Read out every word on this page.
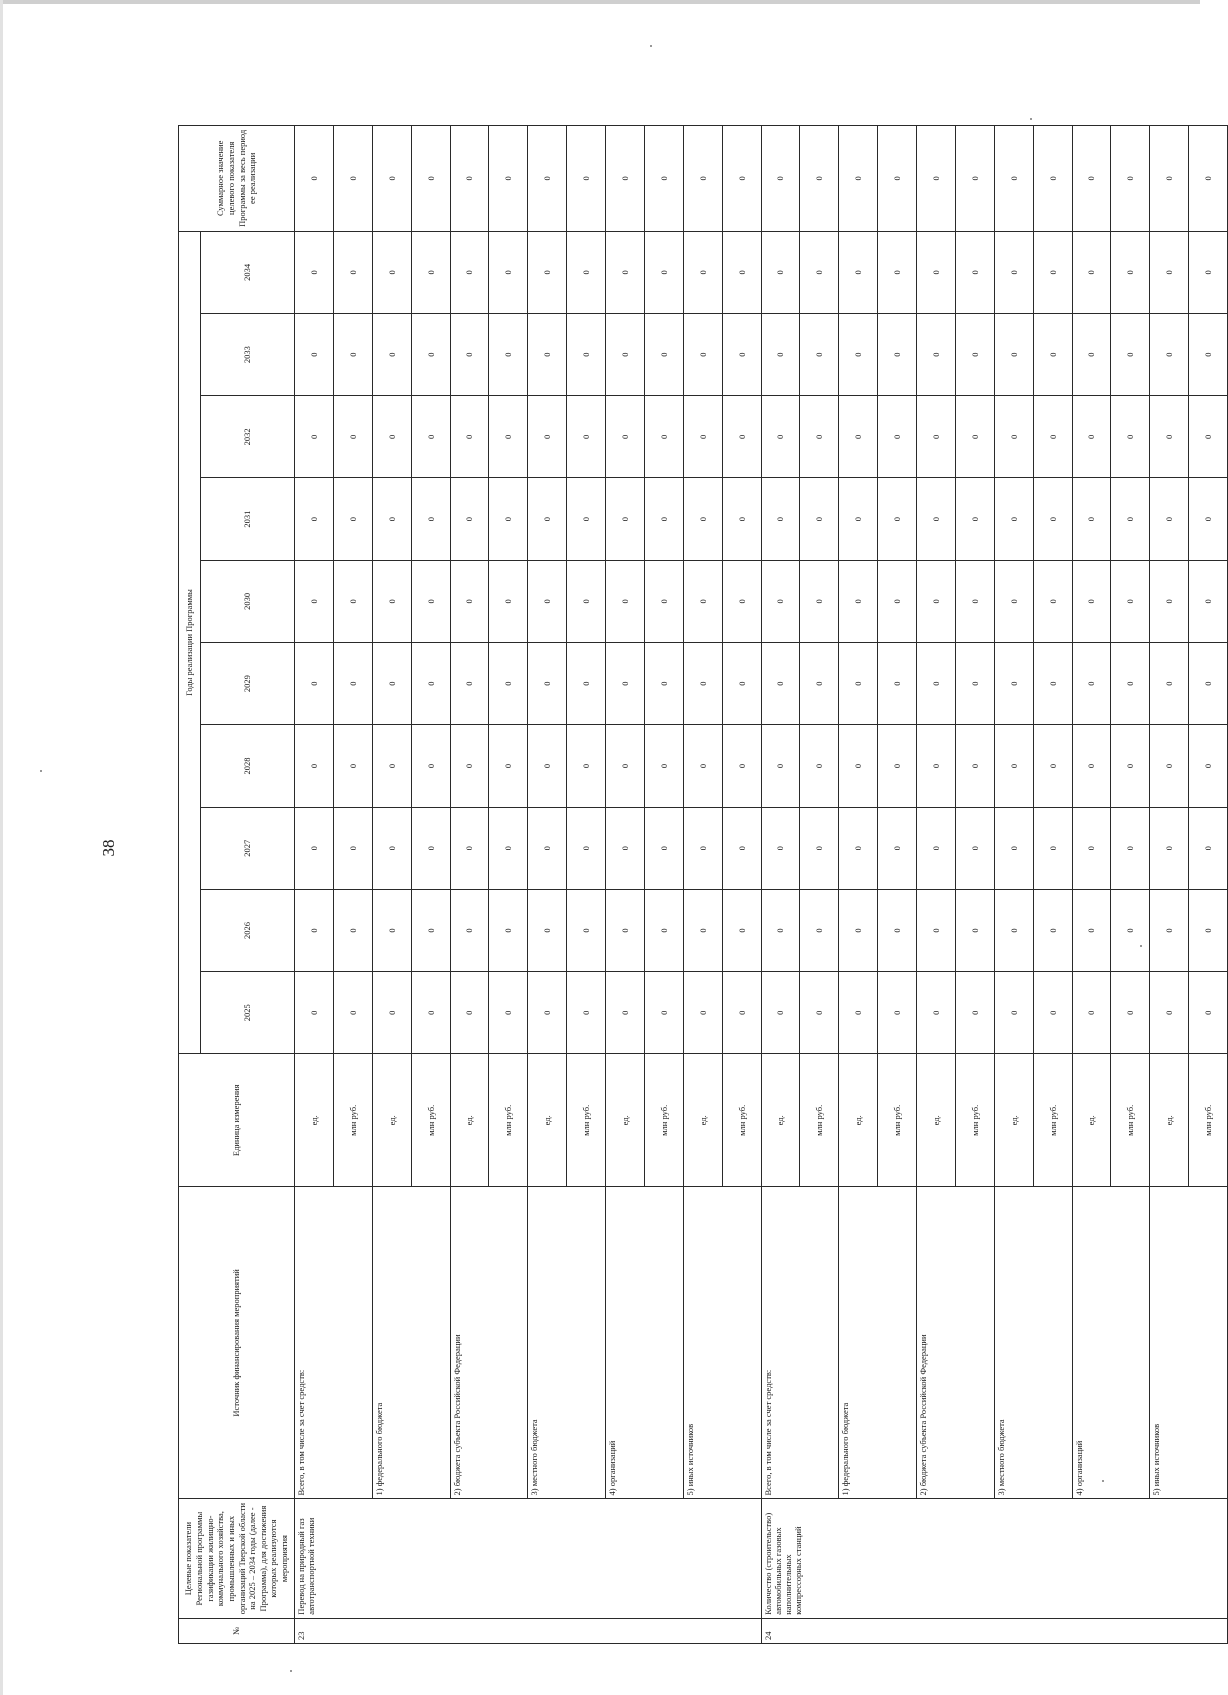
38
№	Целевые показатели Региональной программы газификации жилищно-коммунального хозяйства, промышленных и иных организаций Тверской области на 2025 – 2034 годы (далее - Программа), для достижения которых реализуются мероприятия	Источник финансирования мероприятий	Единица измерения	Годы реализации Программы										Суммарное значение целевого показателя Программы за весь период ее реализации
				2025	2026	2027	2028	2029	2030	2031	2032	2033	2034	
23	Перевод на природный газ автотранспортной техники	Всего, в том числе за счет средств:	ед.	0	0	0	0	0	0	0	0	0	0	0
			млн руб.	0	0	0	0	0	0	0	0	0	0	0
		1) федерального бюджета	ед.	0	0	0	0	0	0	0	0	0	0	0
			млн руб.	0	0	0	0	0	0	0	0	0	0	0
		2) бюджета субъекта Российской Федерации	ед.	0	0	0	0	0	0	0	0	0	0	0
			млн руб.	0	0	0	0	0	0	0	0	0	0	0
		3) местного бюджета	ед.	0	0	0	0	0	0	0	0	0	0	0
			млн руб.	0	0	0	0	0	0	0	0	0	0	0
		4) организаций	ед.	0	0	0	0	0	0	0	0	0	0	0
			млн руб.	0	0	0	0	0	0	0	0	0	0	0
		5) иных источников	ед.	0	0	0	0	0	0	0	0	0	0	0
			млн руб.	0	0	0	0	0	0	0	0	0	0	0
24	Количество (строительство) автомобильных газовых наполнительных компрессорных станций	Всего, в том числе за счет средств:	ед.	0	0	0	0	0	0	0	0	0	0	0
			млн руб.	0	0	0	0	0	0	0	0	0	0	0
		1) федерального бюджета	ед.	0	0	0	0	0	0	0	0	0	0	0
			млн руб.	0	0	0	0	0	0	0	0	0	0	0
		2) бюджета субъекта Российской Федерации	ед.	0	0	0	0	0	0	0	0	0	0	0
			млн руб.	0	0	0	0	0	0	0	0	0	0	0
		3) местного бюджета	ед.	0	0	0	0	0	0	0	0	0	0	0
			млн руб.	0	0	0	0	0	0	0	0	0	0	0
		4) организаций	ед.	0	0	0	0	0	0	0	0	0	0	0
			млн руб.	0	0	0	0	0	0	0	0	0	0	0
		5) иных источников	ед.	0	0	0	0	0	0	0	0	0	0	0
			млн руб.	0	0	0	0	0	0	0	0	0	0	0
